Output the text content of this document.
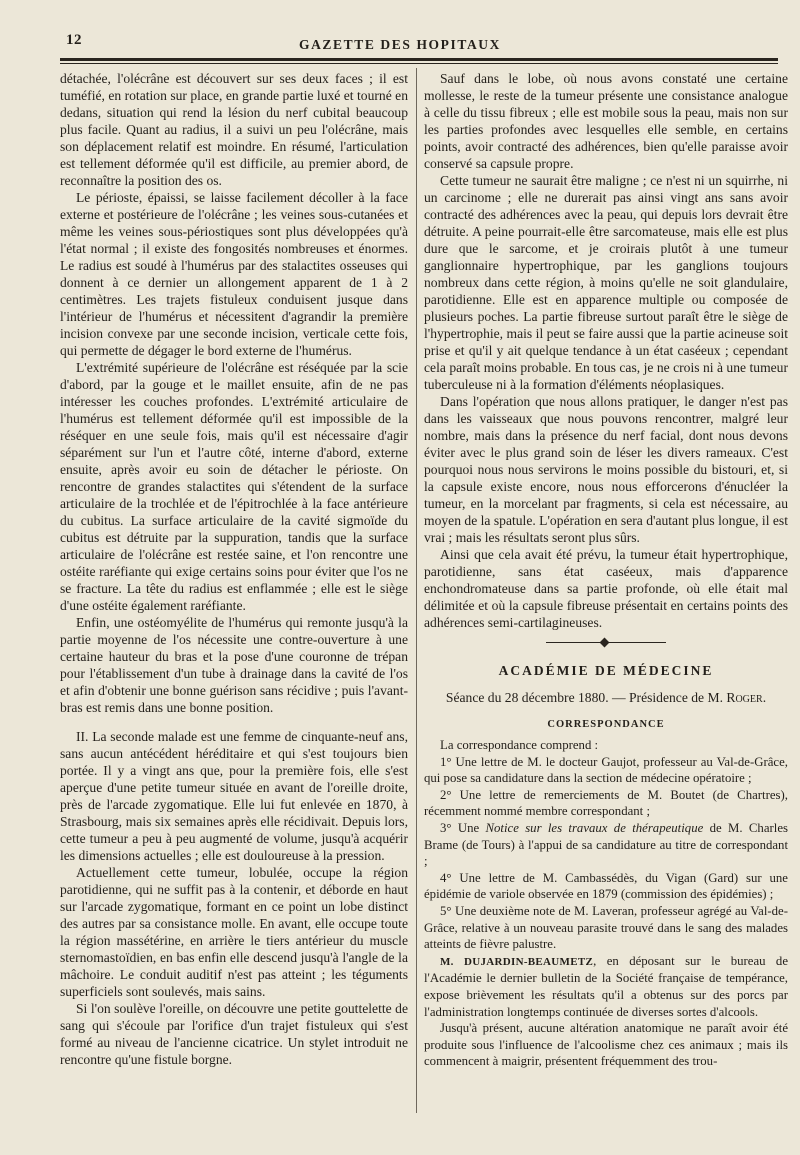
12	GAZETTE DES HOPITAUX

détachée, l'olécrâne est découvert sur ses deux faces ; il est tuméfié, en rotation sur place, en grande partie luxé et tourné en dedans, situation qui rend la lésion du nerf cubital beaucoup plus facile. Quant au radius, il a suivi un peu l'olécrâne, mais son déplacement relatif est moindre. En résumé, l'articulation est tellement déformée qu'il est difficile, au premier abord, de reconnaître la position des os.

Le périoste, épaissi, se laisse facilement décoller à la face externe et postérieure de l'olécrâne ; les veines sous-cutanées et même les veines sous-périostiques sont plus développées qu'à l'état normal ; il existe des fongosités nombreuses et énormes. Le radius est soudé à l'humérus par des stalactites osseuses qui donnent à ce dernier un allongement apparent de 1 à 2 centimètres. Les trajets fistuleux conduisent jusque dans l'intérieur de l'humérus et nécessitent d'agrandir la première incision convexe par une seconde incision, verticale cette fois, qui permette de dégager le bord externe de l'humérus.

L'extrémité supérieure de l'olécrâne est réséquée par la scie d'abord, par la gouge et le maillet ensuite, afin de ne pas intéresser les couches profondes. L'extrémité articulaire de l'humérus est tellement déformée qu'il est impossible de la réséquer en une seule fois, mais qu'il est nécessaire d'agir séparément sur l'un et l'autre côté, interne d'abord, externe ensuite, après avoir eu soin de détacher le périoste. On rencontre de grandes stalactites qui s'étendent de la surface articulaire de la trochlée et de l'épitrochlée à la face antérieure du cubitus. La surface articulaire de la cavité sigmoïde du cubitus est détruite par la suppuration, tandis que la surface articulaire de l'olécrâne est restée saine, et l'on rencontre une ostéite raréfiante qui exige certains soins pour éviter que l'os ne se fracture. La tête du radius est enflammée ; elle est le siège d'une ostéite également raréfiante.

Enfin, une ostéomyélite de l'humérus qui remonte jusqu'à la partie moyenne de l'os nécessite une contre-ouverture à une certaine hauteur du bras et la pose d'une couronne de trépan pour l'établissement d'un tube à drainage dans la cavité de l'os et afin d'obtenir une bonne guérison sans récidive ; puis l'avant-bras est remis dans une bonne position.

II. La seconde malade est une femme de cinquante-neuf ans, sans aucun antécédent héréditaire et qui s'est toujours bien portée. Il y a vingt ans que, pour la première fois, elle s'est aperçue d'une petite tumeur située en avant de l'oreille droite, près de l'arcade zygomatique. Elle lui fut enlevée en 1870, à Strasbourg, mais six semaines après elle récidivait. Depuis lors, cette tumeur a peu à peu augmenté de volume, jusqu'à acquérir les dimensions actuelles ; elle est douloureuse à la pression.

Actuellement cette tumeur, lobulée, occupe la région parotidienne, qui ne suffit pas à la contenir, et déborde en haut sur l'arcade zygomatique, formant en ce point un lobe distinct des autres par sa consistance molle. En avant, elle occupe toute la région massétérine, en arrière le tiers antérieur du muscle sternomastoïdien, en bas enfin elle descend jusqu'à l'angle de la mâchoire. Le conduit auditif n'est pas atteint ; les téguments superficiels sont soulevés, mais sains.

Si l'on soulève l'oreille, on découvre une petite gouttelette de sang qui s'écoule par l'orifice d'un trajet fistuleux qui s'est formé au niveau de l'ancienne cicatrice. Un stylet introduit ne rencontre qu'une fistule borgne.

Sauf dans le lobe, où nous avons constaté une certaine mollesse, le reste de la tumeur présente une consistance analogue à celle du tissu fibreux ; elle est mobile sous la peau, mais non sur les parties profondes avec lesquelles elle semble, en certains points, avoir contracté des adhérences, bien qu'elle paraisse avoir conservé sa capsule propre.

Cette tumeur ne saurait être maligne ; ce n'est ni un squirrhe, ni un carcinome ; elle ne durerait pas ainsi vingt ans sans avoir contracté des adhérences avec la peau, qui depuis lors devrait être détruite. A peine pourrait-elle être sarcomateuse, mais elle est plus dure que le sarcome, et je croirais plutôt à une tumeur ganglionnaire hypertrophique, par les ganglions toujours nombreux dans cette région, à moins qu'elle ne soit glandulaire, parotidienne. Elle est en apparence multiple ou composée de plusieurs poches. La partie fibreuse surtout paraît être le siège de l'hypertrophie, mais il peut se faire aussi que la partie acineuse soit prise et qu'il y ait quelque tendance à un état caséeux ; cependant cela paraît moins probable. En tous cas, je ne crois ni à une tumeur tuberculeuse ni à la formation d'éléments néoplasiques.

Dans l'opération que nous allons pratiquer, le danger n'est pas dans les vaisseaux que nous pouvons rencontrer, malgré leur nombre, mais dans la présence du nerf facial, dont nous devons éviter avec le plus grand soin de léser les divers rameaux. C'est pourquoi nous nous servirons le moins possible du bistouri, et, si la capsule existe encore, nous nous efforcerons d'énucléer la tumeur, en la morcelant par fragments, si cela est nécessaire, au moyen de la spatule. L'opération en sera d'autant plus longue, il est vrai ; mais les résultats seront plus sûrs.

Ainsi que cela avait été prévu, la tumeur était hypertrophique, parotidienne, sans état caséeux, mais d'apparence enchondromateuse dans sa partie profonde, où elle était mal délimitée et où la capsule fibreuse présentait en certains points des adhérences semi-cartilagineuses.

ACADÉMIE DE MÉDECINE

Séance du 28 décembre 1880. — Présidence de M. Roger.

CORRESPONDANCE

La correspondance comprend :

1° Une lettre de M. le docteur Gaujot, professeur au Val-de-Grâce, qui pose sa candidature dans la section de médecine opératoire ;

2° Une lettre de remerciements de M. Boutet (de Chartres), récemment nommé membre correspondant ;

3° Une Notice sur les travaux de thérapeutique de M. Charles Brame (de Tours) à l'appui de sa candidature au titre de correspondant ;

4° Une lettre de M. Cambassédès, du Vigan (Gard) sur une épidémie de variole observée en 1879 (commission des épidémies) ;

5° Une deuxième note de M. Laveran, professeur agrégé au Val-de-Grâce, relative à un nouveau parasite trouvé dans le sang des malades atteints de fièvre palustre.

M. DUJARDIN-BEAUMETZ, en déposant sur le bureau de l'Académie le dernier bulletin de la Société française de tempérance, expose brièvement les résultats qu'il a obtenus sur des porcs par l'administration longtemps continuée de diverses sortes d'alcools.

Jusqu'à présent, aucune altération anatomique ne paraît avoir été produite sous l'influence de l'alcoolisme chez ces animaux ; mais ils commencent à maigrir, présentent fréquemment des trou-
